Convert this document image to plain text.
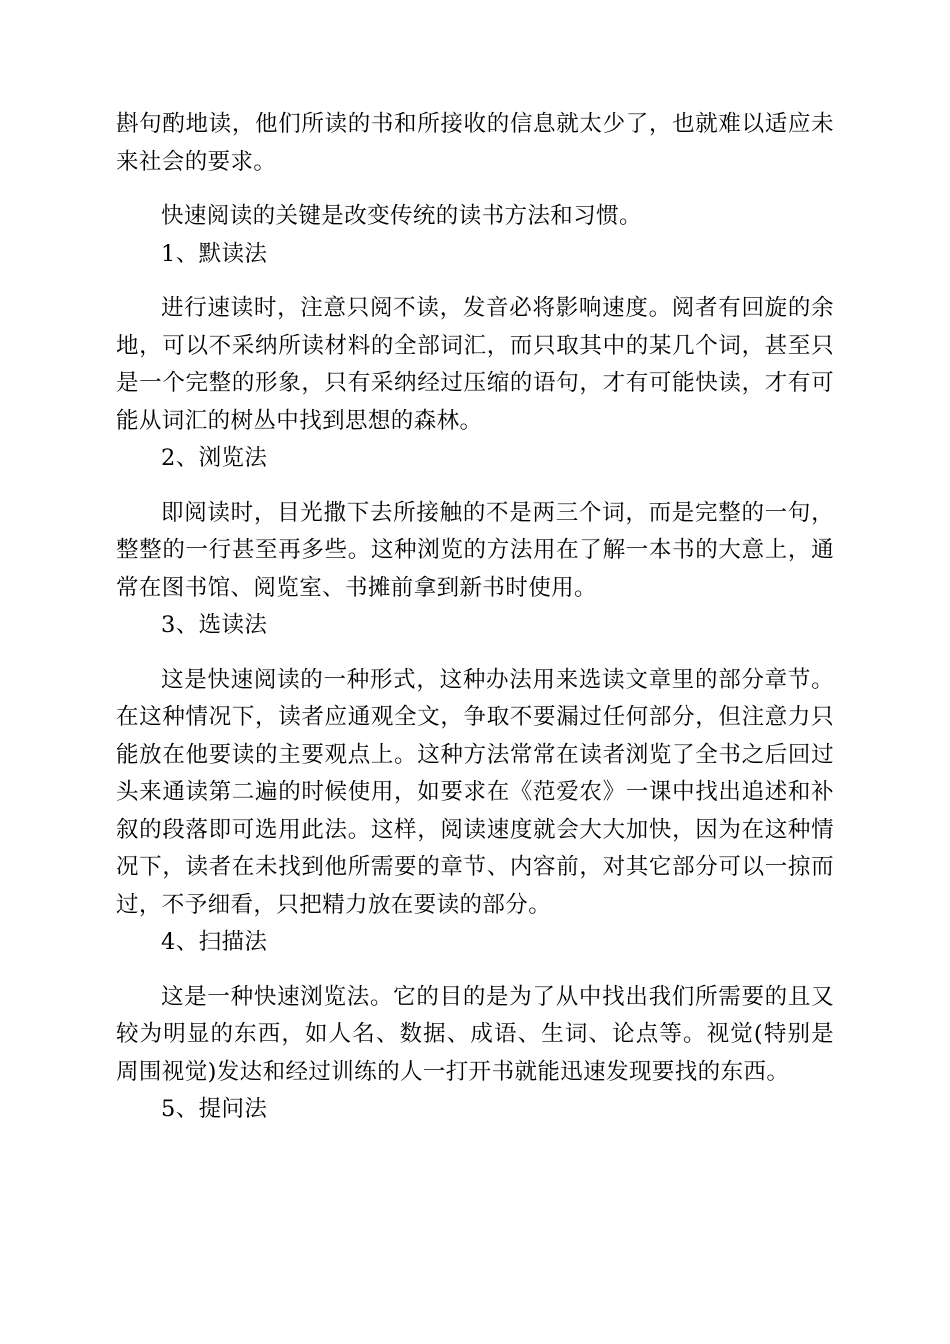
斟句酌地读，他们所读的书和所接收的信息就太少了，也就难以适应未来社会的要求。

快速阅读的关键是改变传统的读书方法和习惯。

1、默读法

进行速读时，注意只阅不读，发音必将影响速度。阅者有回旋的余地，可以不采纳所读材料的全部词汇，而只取其中的某几个词，甚至只是一个完整的形象，只有采纳经过压缩的语句，才有可能快读，才有可能从词汇的树丛中找到思想的森林。

2、浏览法

即阅读时，目光撒下去所接触的不是两三个词，而是完整的一句，整整的一行甚至再多些。这种浏览的方法用在了解一本书的大意上，通常在图书馆、阅览室、书摊前拿到新书时使用。

3、选读法

这是快速阅读的一种形式，这种办法用来选读文章里的部分章节。在这种情况下，读者应通观全文，争取不要漏过任何部分，但注意力只能放在他要读的主要观点上。这种方法常常在读者浏览了全书之后回过头来通读第二遍的时候使用，如要求在《范爱农》一课中找出追述和补叙的段落即可选用此法。这样，阅读速度就会大大加快，因为在这种情况下，读者在未找到他所需要的章节、内容前，对其它部分可以一掠而过，不予细看，只把精力放在要读的部分。

4、扫描法

这是一种快速浏览法。它的目的是为了从中找出我们所需要的且又较为明显的东西，如人名、数据、成语、生词、论点等。视觉(特别是周围视觉)发达和经过训练的人一打开书就能迅速发现要找的东西。

5、提问法
